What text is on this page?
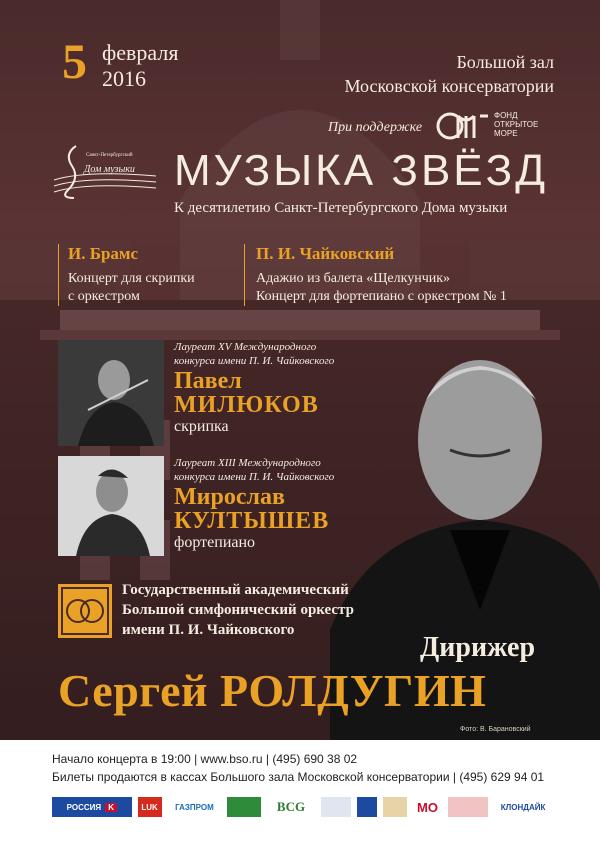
5 февраля
2016
Большой зал
Московской консерватории
При поддержке
ФОНД
ОТКРЫТОЕ
МОРЕ
Санкт-Петербургский
Дом музыки МУЗЫКА ЗВЁЗД
К десятилетию Санкт-Петербургского Дома музыки
И. Брамс
Концерт для скрипки
с оркестром
П. И. Чайковский
Адажио из балета «Щелкунчик»
Концерт для фортепиано с оркестром № 1
Лауреат XV Международного
конкурса имени П. И. Чайковского
Павел
МИЛЮКОВ
скрипка
Лауреат XIII Международного
конкурса имени П. И. Чайковского
Мирослав
КУЛТЫШЕВ
фортепиано
Государственный академический
Большой симфонический оркестр
имени П. И. Чайковского
Дирижер
Сергей РОЛДУГИН
Фото: В. Барановский
Начало концерта в 19:00 | www.bso.ru | (495) 690 38 02
Билеты продаются в кассах Большого зала Московской консерватории | (495) 629 94 01
РОССИЯ K	LUK	ГАЗПРОМ	BCG	MO	КЛОНДАЙК
